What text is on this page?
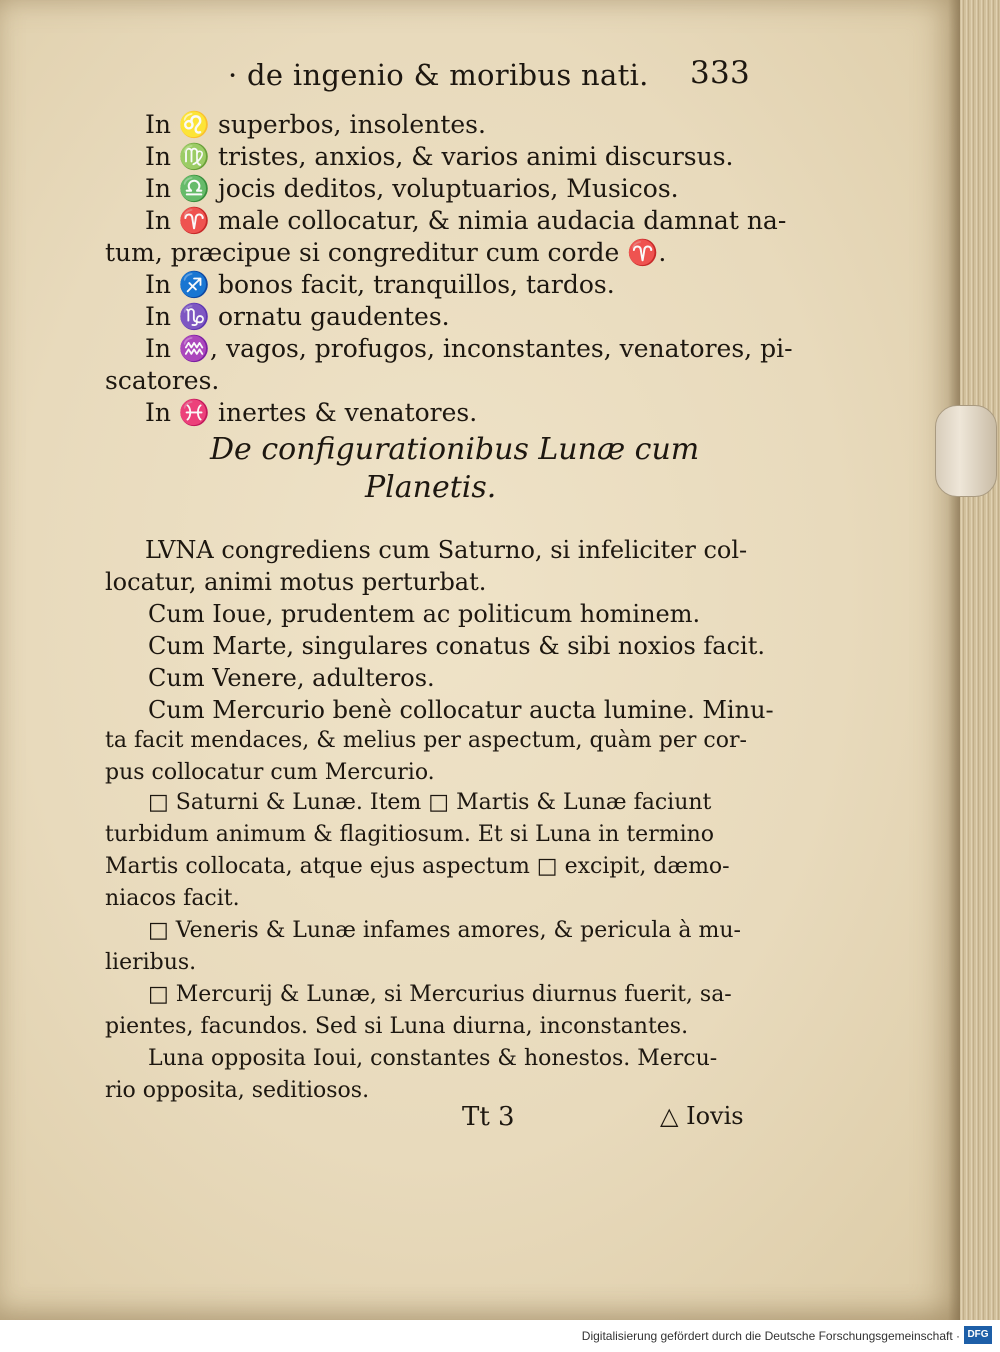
· de ingenio & moribus nati. 333
In ♌ superbos, insolentes.
In ♍ tristes, anxios, & varios animi discursus.
In ♎ jocis deditos, voluptuarios, Musicos.
In ♈ male collocatur, & nimia audacia damnat na-
tum, præcipue si congreditur cum corde ♈.
In ♐ bonos facit, tranquillos, tardos.
In ♑ ornatu gaudentes.
In ♒, vagos, profugos, inconstantes, venatores, pi-
scatores.
In ♓ inertes & venatores.
De configurationibus Lunæ cum
Planetis.
LVNA congrediens cum Saturno, si infeliciter col-
locatur, animi motus perturbat.
Cum Ioue, prudentem ac politicum hominem.
Cum Marte, singulares conatus & sibi noxios facit.
Cum Venere, adulteros.
Cum Mercurio benè collocatur aucta lumine. Minu-
ta facit mendaces, & melius per aspectum, quàm per cor-
pus collocatur cum Mercurio.
□ Saturni & Lunæ. Item □ Martis & Lunæ faciunt
turbidum animum & flagitiosum. Et si Luna in termino
Martis collocata, atque ejus aspectum □ excipit, dæmo-
niacos facit.
□ Veneris & Lunæ infames amores, & pericula à mu-
lieribus.
□ Mercurij & Lunæ, si Mercurius diurnus fuerit, sa-
pientes, facundos. Sed si Luna diurna, inconstantes.
Luna opposita Ioui, constantes & honestos. Mercu-
rio opposita, seditiosos.
Tt 3	△ Iovis
Digitalisierung gefördert durch die Deutsche Forschungsgemeinschaft · DFG
